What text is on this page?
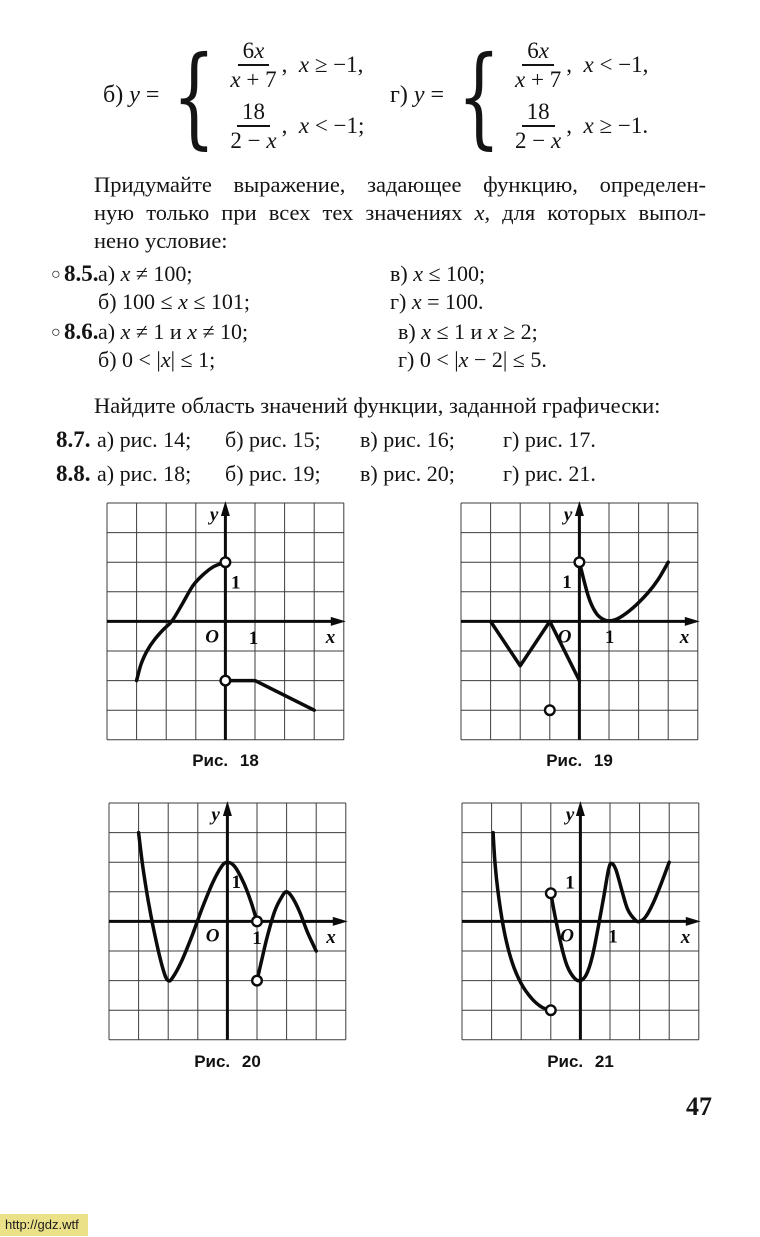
б) y = { $\frac{6x}{x + 7}$ ,  x ≥ −1,
$\frac{18}{2 - x}$ ,  x < −1;
г) y = { $\frac{6x}{x + 7}$ ,  x < −1,
$\frac{18}{2 - x}$ ,  x ≥ −1.
Придумайте выражение, задающее функцию, определен-
ную только при всех тех значениях x, для которых выпол-
нено условие:
○ 8.5. а) x ≠ 100;	в) x ≤ 100;
б) 100 ≤ x ≤ 101;	г) x = 100.
○ 8.6. а) x ≠ 1 и x ≠ 10;	в) x ≤ 1 и x ≥ 2;
б) 0 < |x| ≤ 1;	г) 0 < |x − 2| ≤ 5.
Найдите область значений функции, заданной графически:
8.7. а) рис. 14; б) рис. 15; в) рис. 16; г) рис. 17.
8.8. а) рис. 18; б) рис. 19; в) рис. 20; г) рис. 21.
y
x
O
1
1
Рис. 18
y
x
O
1
1
Рис. 19
y
x
O
1
1
Рис. 20
y
x
O
1
1
Рис. 21
47
http://gdz.wtf
